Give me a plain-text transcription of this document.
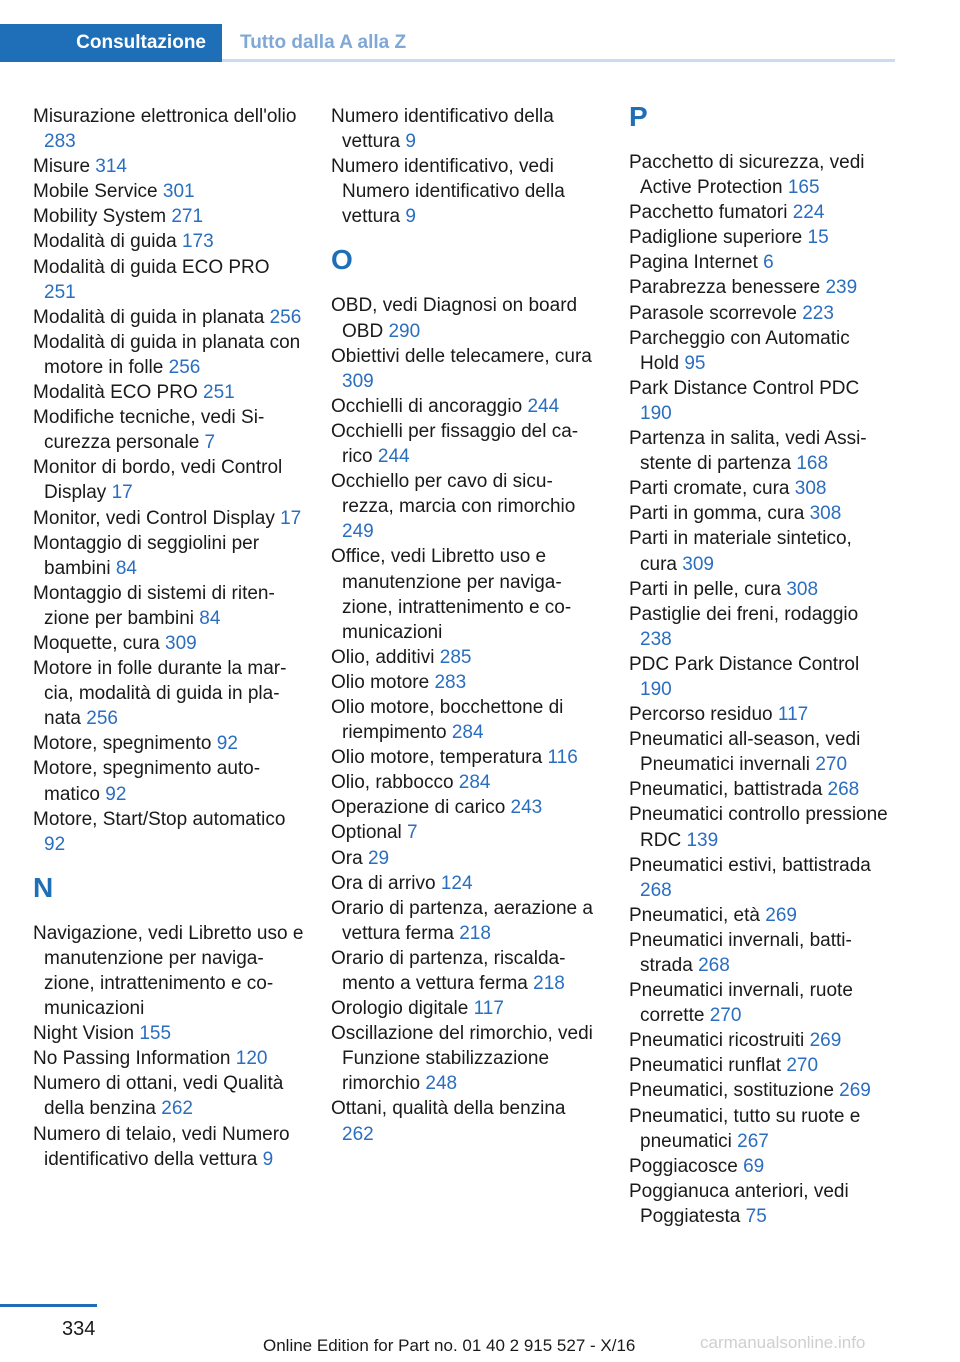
Consultazione Tutto dalla A alla Z
Misurazione elettronica dell'olio 283
Misure 314
Mobile Service 301
Mobility System 271
Modalità di guida 173
Modalità di guida ECO PRO 251
Modalità di guida in planata 256
Modalità di guida in planata con motore in folle 256
Modalità ECO PRO 251
Modifiche tecniche, vedi Sicurezza personale 7
Monitor di bordo, vedi Control Display 17
Monitor, vedi Control Display 17
Montaggio di seggiolini per bambini 84
Montaggio di sistemi di ritenzione per bambini 84
Moquette, cura 309
Motore in folle durante la marcia, modalità di guida in planata 256
Motore, spegnimento 92
Motore, spegnimento automatico 92
Motore, Start/Stop automatico 92
N
Navigazione, vedi Libretto uso e manutenzione per navigazione, intrattenimento e comunicazioni
Night Vision 155
No Passing Information 120
Numero di ottani, vedi Qualità della benzina 262
Numero di telaio, vedi Numero identificativo della vettura 9
Numero identificativo della vettura 9
Numero identificativo, vedi Numero identificativo della vettura 9
O
OBD, vedi Diagnosi on board OBD 290
Obiettivi delle telecamere, cura 309
Occhielli di ancoraggio 244
Occhielli per fissaggio del carico 244
Occhiello per cavo di sicurezza, marcia con rimorchio 249
Office, vedi Libretto uso e manutenzione per navigazione, intrattenimento e comunicazioni
Olio, additivi 285
Olio motore 283
Olio motore, bocchettone di riempimento 284
Olio motore, temperatura 116
Olio, rabbocco 284
Operazione di carico 243
Optional 7
Ora 29
Ora di arrivo 124
Orario di partenza, aerazione a vettura ferma 218
Orario di partenza, riscaldamento a vettura ferma 218
Orologio digitale 117
Oscillazione del rimorchio, vedi Funzione stabilizzazione rimorchio 248
Ottani, qualità della benzina 262
P
Pacchetto di sicurezza, vedi Active Protection 165
Pacchetto fumatori 224
Padiglione superiore 15
Pagina Internet 6
Parabrezza benessere 239
Parasole scorrevole 223
Parcheggio con Automatic Hold 95
Park Distance Control PDC 190
Partenza in salita, vedi Assistente di partenza 168
Parti cromate, cura 308
Parti in gomma, cura 308
Parti in materiale sintetico, cura 309
Parti in pelle, cura 308
Pastiglie dei freni, rodaggio 238
PDC Park Distance Control 190
Percorso residuo 117
Pneumatici all-season, vedi Pneumatici invernali 270
Pneumatici, battistrada 268
Pneumatici controllo pressione RDC 139
Pneumatici estivi, battistrada 268
Pneumatici, età 269
Pneumatici invernali, battistrada 268
Pneumatici invernali, ruote corrette 270
Pneumatici ricostruiti 269
Pneumatici runflat 270
Pneumatici, sostituzione 269
Pneumatici, tutto su ruote e pneumatici 267
Poggiacosce 69
Poggianuca anteriori, vedi Poggiatesta 75
334
Online Edition for Part no. 01 40 2 915 527 - X/16	carmanualsonline.info
